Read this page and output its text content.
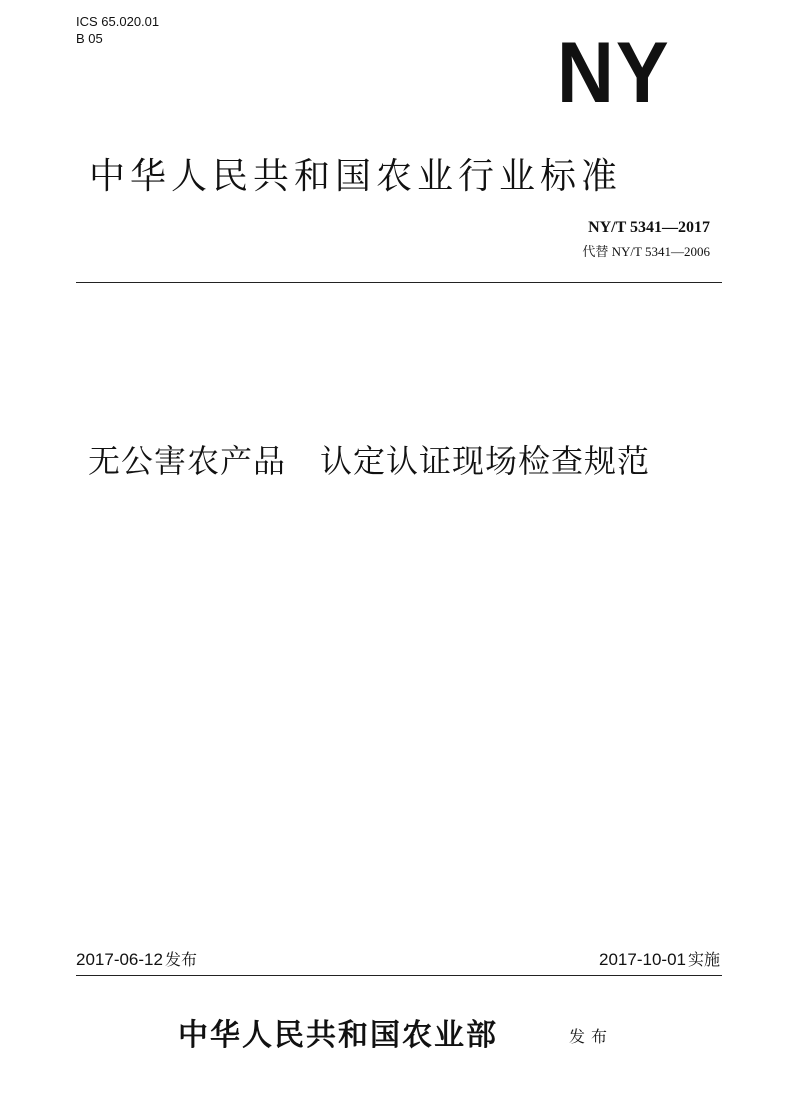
ICS 65.020.01
B 05	NY
中华人民共和国农业行业标准
NY/T 5341—2017
代替 NY/T 5341—2006
无公害农产品 认定认证现场检查规范
2017-06-12 发布	2017-10-01 实施
中华人民共和国农业部	发布
